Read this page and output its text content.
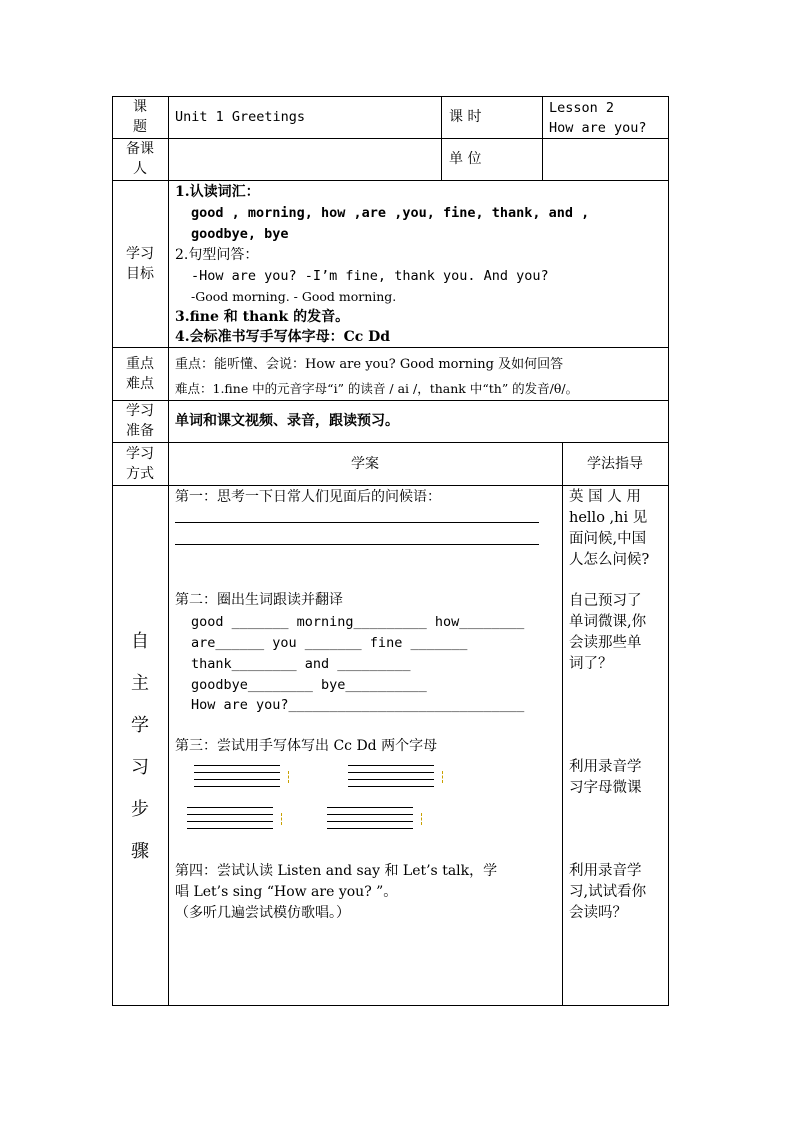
课
题
Unit 1 Greetings	课 时
Lesson 2
How are you?
备课
人
单 位
学习
目标
1.认读词汇：
good , morning, how ,are ,you, fine, thank, and ,
goodbye, bye
2.句型问答：
-How are you? -I’m fine, thank you. And you?
-Good morning. - Good morning.
3.fine 和 thank 的发音。
4.会标准书写手写体字母：Cc Dd
重点
难点
重点：能听懂、会说：How are you? Good morning 及如何回答
难点：1.fine 中的元音字母“i” 的读音 / ai /，thank 中“th” 的发音/θ/。
学习
准备
单词和课文视频、录音，跟读预习。
学习
方式
学案	学法指导
自
主
学
习
步
骤
第一：思考一下日常人们见面后的问候语：
第二：圈出生词跟读并翻译
good _______ morning_________ how________
are______ you _______ fine _______
thank________ and _________
goodbye________ bye__________
How are you?_____________________________
第三：尝试用手写体写出 Cc Dd 两个字母
第四：尝试认读 Listen and say 和 Let’s talk，学
唱 Let’s sing “How are you? ”。
（多听几遍尝试模仿歌唱。）
英 国 人 用
hello ,hi 见
面问候,中国
人怎么问候?
自己预习了
单词微课,你
会读那些单
词了？
利用录音学
习字母微课
利用录音学
习,试试看你
会读吗？
